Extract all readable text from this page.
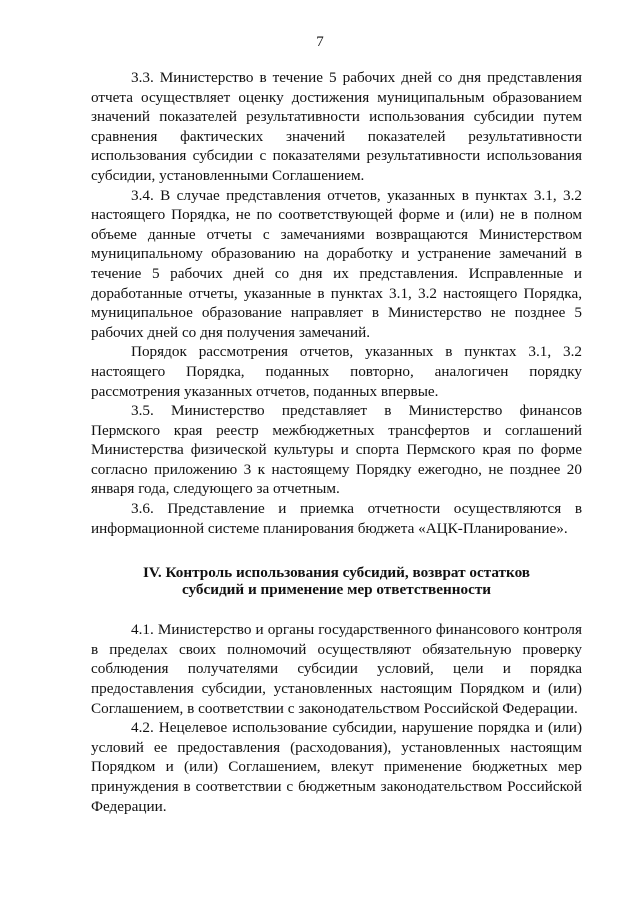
7

3.3. Министерство в течение 5 рабочих дней со дня представления отчета осуществляет оценку достижения муниципальным образованием значений показателей результативности использования субсидии путем сравнения фактических значений показателей результативности использования субсидии с показателями результативности использования субсидии, установленными Соглашением.

3.4. В случае представления отчетов, указанных в пунктах 3.1, 3.2 настоящего Порядка, не по соответствующей форме и (или) не в полном объеме данные отчеты с замечаниями возвращаются Министерством муниципальному образованию на доработку и устранение замечаний в течение 5 рабочих дней со дня их представления. Исправленные и доработанные отчеты, указанные в пунктах 3.1, 3.2 настоящего Порядка, муниципальное образование направляет в Министерство не позднее 5 рабочих дней со дня получения замечаний.

Порядок рассмотрения отчетов, указанных в пунктах 3.1, 3.2 настоящего Порядка, поданных повторно, аналогичен порядку рассмотрения указанных отчетов, поданных впервые.

3.5. Министерство представляет в Министерство финансов Пермского края реестр межбюджетных трансфертов и соглашений Министерства физической культуры и спорта Пермского края по форме согласно приложению 3 к настоящему Порядку ежегодно, не позднее 20 января года, следующего за отчетным.

3.6. Представление и приемка отчетности осуществляются в информационной системе планирования бюджета «АЦК-Планирование».

IV. Контроль использования субсидий, возврат остатков
субсидий и применение мер ответственности

4.1. Министерство и органы государственного финансового контроля в пределах своих полномочий осуществляют обязательную проверку соблюдения получателями субсидии условий, цели и порядка предоставления субсидии, установленных настоящим Порядком и (или) Соглашением, в соответствии с законодательством Российской Федерации.

4.2. Нецелевое использование субсидии, нарушение порядка и (или) условий ее предоставления (расходования), установленных настоящим Порядком и (или) Соглашением, влекут применение бюджетных мер принуждения в соответствии с бюджетным законодательством Российской Федерации.
